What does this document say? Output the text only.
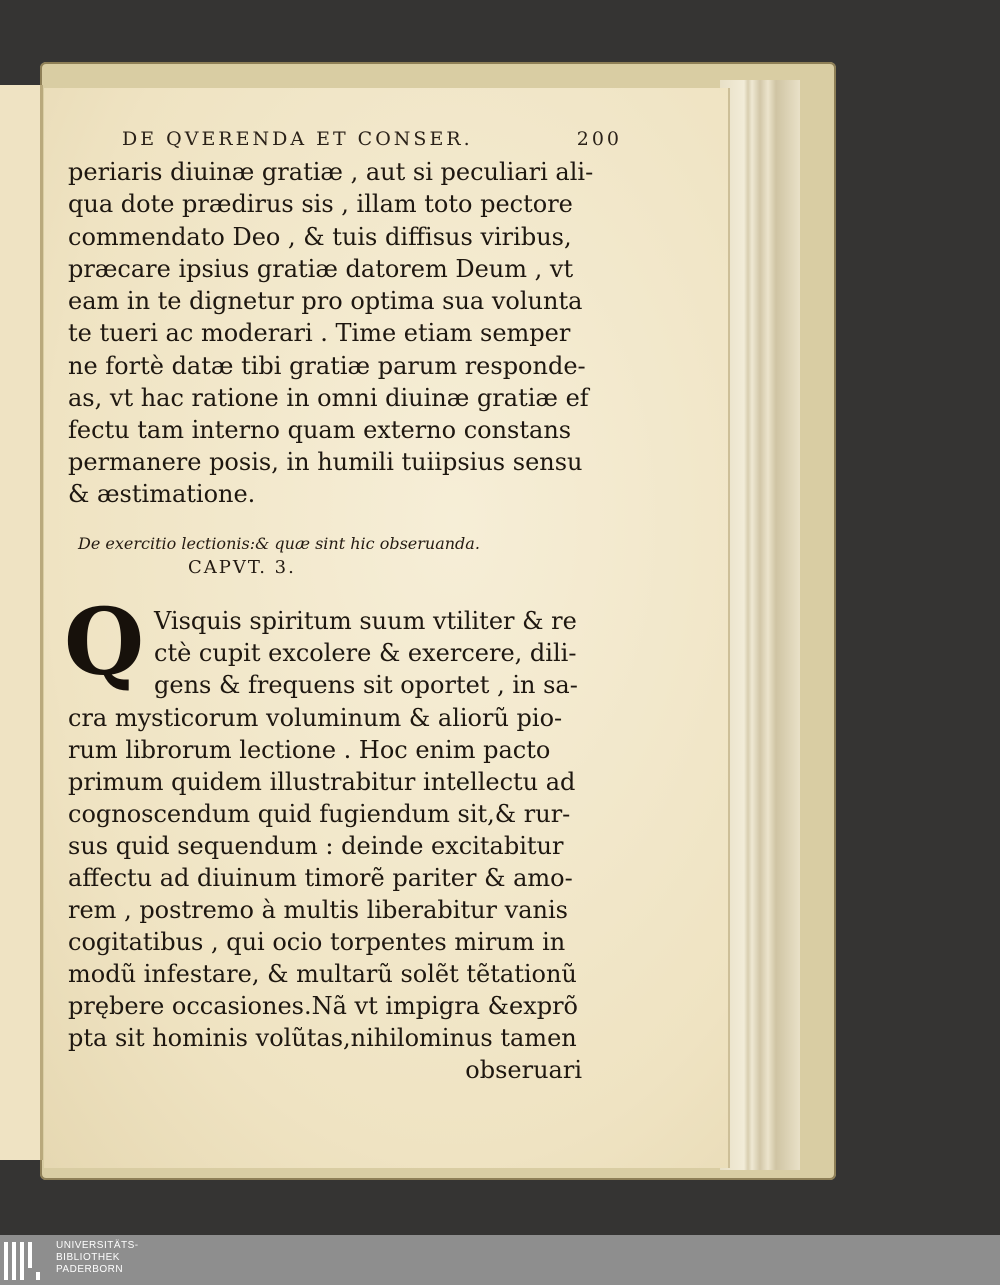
DE QVERENDA ET CONSER.	200
periaris diuinæ gratiæ , aut si peculiari ali-
qua dote prædirus sis , illam toto pectore
commendato Deo , & tuis diffisus viribus,
præcare ipsius gratiæ datorem Deum , vt
eam in te dignetur pro optima sua volunta
te tueri ac moderari . Time etiam semper
ne fortè datæ tibi gratiæ parum responde-
as, vt hac ratione in omni diuinæ gratiæ ef
fectu tam interno quam externo constans
permanere posis, in humili tuiipsius sensu
& æstimatione.
De exercitio lectionis:& quæ sint hic obseruanda.
CAPVT. 3.
Q Visquis spiritum suum vtiliter & re
ctè cupit excolere & exercere, dili-
gens & frequens sit oportet , in sa-
cra mysticorum voluminum & aliorũ pio-
rum librorum lectione . Hoc enim pacto
primum quidem illustrabitur intellectu ad
cognoscendum quid fugiendum sit,& rur-
sus quid sequendum : deinde excitabitur
affectu ad diuinum timorẽ pariter & amo-
rem , postremo à multis liberabitur vanis
cogitatibus , qui ocio torpentes mirum in
modũ infestare, & multarũ solẽt tẽtationũ
prębere occasiones.Nã vt impigra &exprõ
pta sit hominis volũtas,nihilominus tamen
obseruari
UNIVERSITÄTS-
BIBLIOTHEK
PADERBORN
